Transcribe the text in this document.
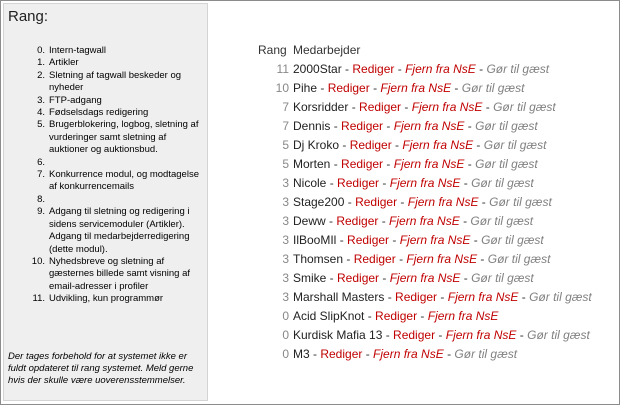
Rang:
0 . Intern-tagwall
1 . Artikler
2 . Sletning af tagwall beskeder og nyheder
3 . FTP-adgang
4 . Fødselsdags redigering
5 . Brugerblokering, logbog, sletning af vurderinger samt sletning af auktioner og auktionsbud.
6 .
7 . Konkurrence modul, og modtagelse af konkurrencemails
8 .
9 . Adgang til sletning og redigering i sidens servicemoduler (Artikler). Adgang til medarbejderredigering (dette modul).
10 . Nyhedsbreve og sletning af gæsternes billede samt visning af email-adresser i profiler
11 . Udvikling, kun programmør
Der tages forbehold for at systemet ikke er fuldt opdateret til rang systemet. Meld gerne hvis der skulle være uoverensstemmelser.
Rang Medarbejder
11 2000Star - Rediger - Fjern fra NsE - Gør til gæst
10 Pihe - Rediger - Fjern fra NsE - Gør til gæst
7 Korsridder - Rediger - Fjern fra NsE - Gør til gæst
7 Dennis - Rediger - Fjern fra NsE - Gør til gæst
5 Dj Kroko - Rediger - Fjern fra NsE - Gør til gæst
5 Morten - Rediger - Fjern fra NsE - Gør til gæst
3 Nicole - Rediger - Fjern fra NsE - Gør til gæst
3 Stage200 - Rediger - Fjern fra NsE - Gør til gæst
3 Deww - Rediger - Fjern fra NsE - Gør til gæst
3 IlBooMIl - Rediger - Fjern fra NsE - Gør til gæst
3 Thomsen - Rediger - Fjern fra NsE - Gør til gæst
3 Smike - Rediger - Fjern fra NsE - Gør til gæst
3 Marshall Masters - Rediger - Fjern fra NsE - Gør til gæst
0 Acid SlipKnot - Rediger - Fjern fra NsE
0 Kurdisk Mafia 13 - Rediger - Fjern fra NsE - Gør til gæst
0 M3 - Rediger - Fjern fra NsE - Gør til gæst
